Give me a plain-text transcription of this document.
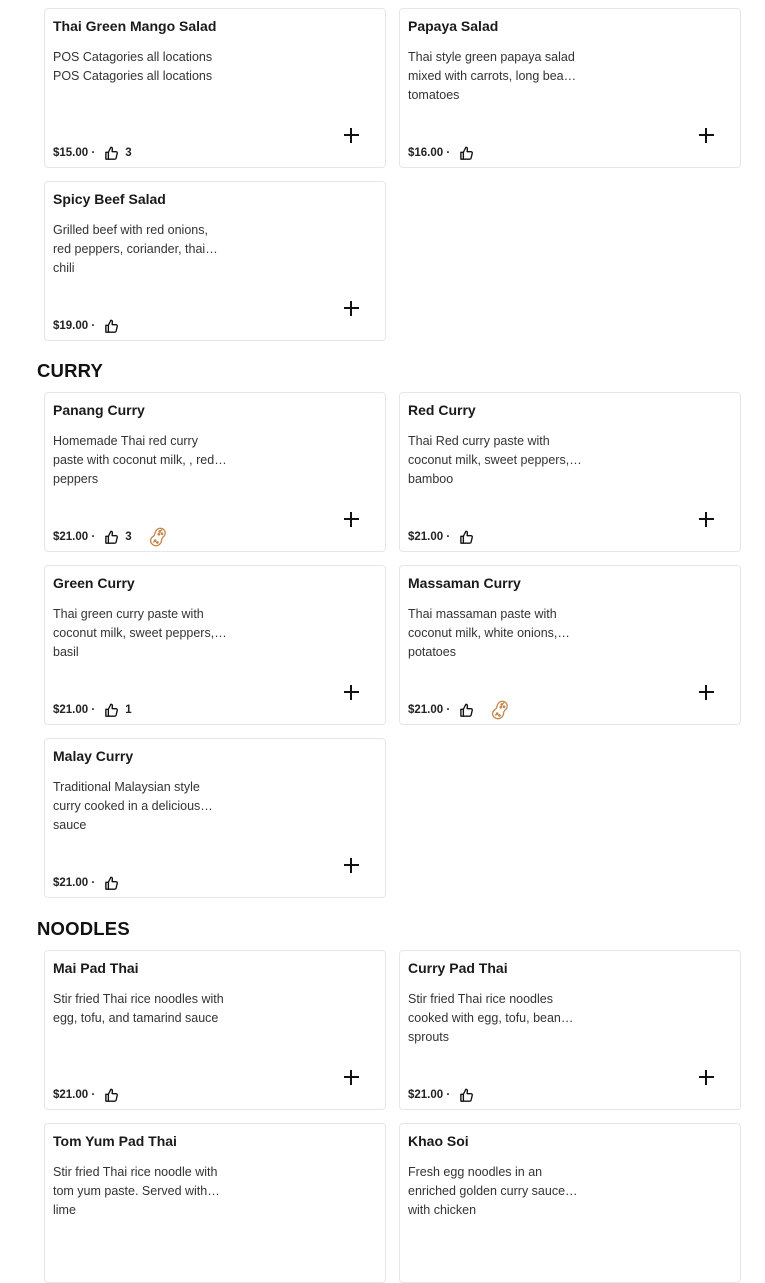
Thai Green Mango Salad
POS Catagories all locations POS Catagories all locations
$15.00 ·	3
Papaya Salad
Thai style green papaya salad mixed with carrots, long beans, tomatoes
$16.00 ·
Spicy Beef Salad
Grilled beef with red onions, red peppers, coriander, thai chili
$19.00 ·
CURRY
Panang Curry
Homemade Thai red curry paste with coconut milk, , red peppers
$21.00 ·	3
Red Curry
Thai Red curry paste with coconut milk, sweet peppers, bamboo
$21.00 ·
Green Curry
Thai green curry paste with coconut milk, sweet peppers, basil
$21.00 ·	1
Massaman Curry
Thai massaman paste with coconut milk, white onions, potatoes
$21.00 ·
Malay Curry
Traditional Malaysian style curry cooked in a delicious sauce
$21.00 ·
NOODLES
Mai Pad Thai
Stir fried Thai rice noodles with egg, tofu, and tamarind sauce
$21.00 ·
Curry Pad Thai
Stir fried Thai rice noodles cooked with egg, tofu, bean sprouts
$21.00 ·
Tom Yum Pad Thai
Stir fried Thai rice noodle with tom yum paste. Served with lime
Khao Soi
Fresh egg noodles in an enriched golden curry sauce with chicken
